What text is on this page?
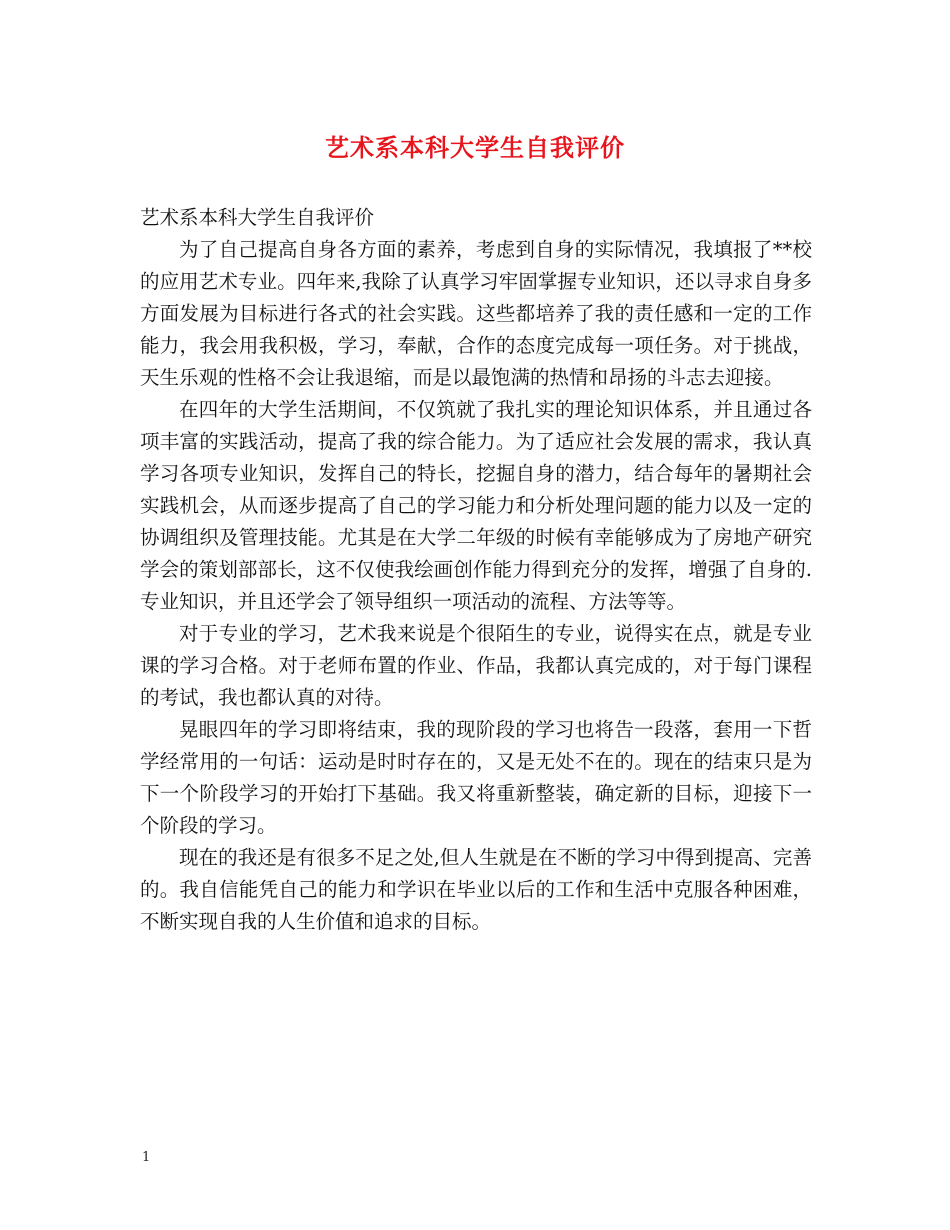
艺术系本科大学生自我评价

艺术系本科大学生自我评价

为了自己提高自身各方面的素养，考虑到自身的实际情况，我填报了**校的应用艺术专业。四年来,我除了认真学习牢固掌握专业知识，还以寻求自身多方面发展为目标进行各式的社会实践。这些都培养了我的责任感和一定的工作能力，我会用我积极，学习，奉献，合作的态度完成每一项任务。对于挑战，天生乐观的性格不会让我退缩，而是以最饱满的热情和昂扬的斗志去迎接。

在四年的大学生活期间，不仅筑就了我扎实的理论知识体系，并且通过各项丰富的实践活动，提高了我的综合能力。为了适应社会发展的需求，我认真学习各项专业知识，发挥自己的特长，挖掘自身的潜力，结合每年的暑期社会实践机会，从而逐步提高了自己的学习能力和分析处理问题的能力以及一定的协调组织及管理技能。尤其是在大学二年级的时候有幸能够成为了房地产研究学会的策划部部长，这不仅使我绘画创作能力得到充分的发挥，增强了自身的.专业知识，并且还学会了领导组织一项活动的流程、方法等等。

对于专业的学习，艺术我来说是个很陌生的专业，说得实在点，就是专业课的学习合格。对于老师布置的作业、作品，我都认真完成的，对于每门课程的考试，我也都认真的对待。

晃眼四年的学习即将结束，我的现阶段的学习也将告一段落，套用一下哲学经常用的一句话：运动是时时存在的，又是无处不在的。现在的结束只是为下一个阶段学习的开始打下基础。我又将重新整装，确定新的目标，迎接下一个阶段的学习。

现在的我还是有很多不足之处,但人生就是在不断的学习中得到提高、完善的。我自信能凭自己的能力和学识在毕业以后的工作和生活中克服各种困难，不断实现自我的人生价值和追求的目标。

1
